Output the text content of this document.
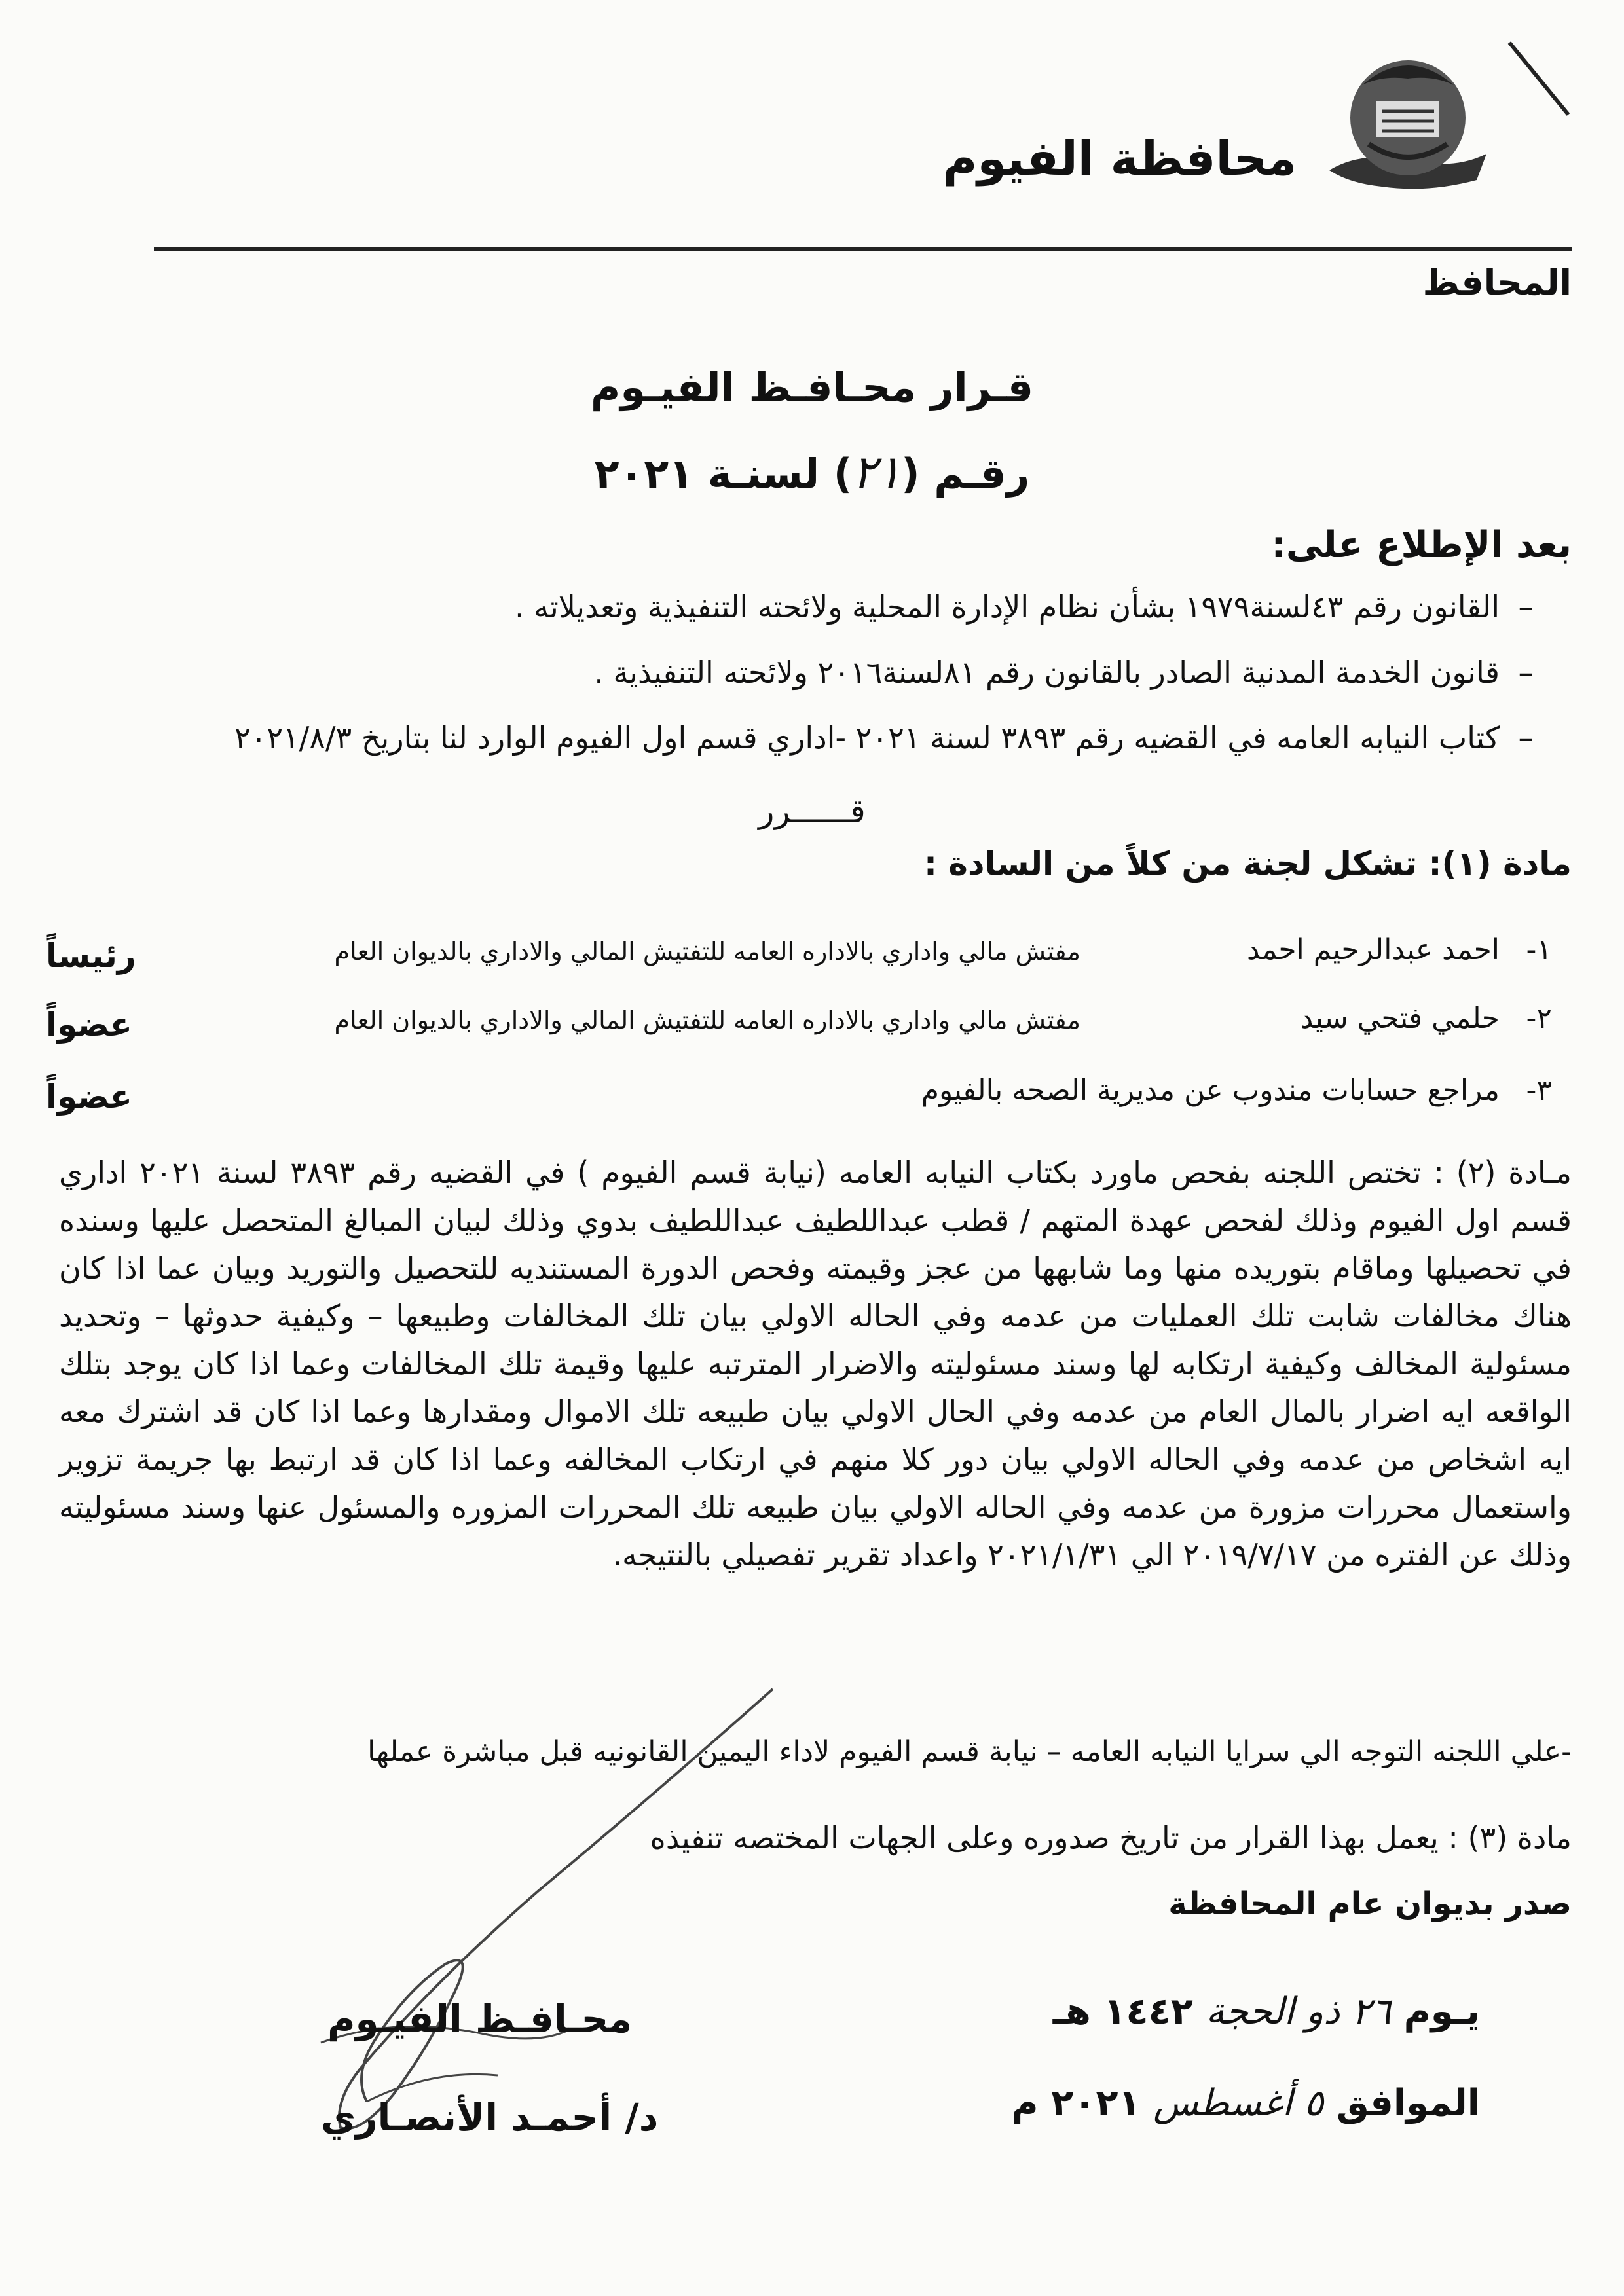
محافظة الفيوم
المحافظ
قـرار محـافـظ الفيـوم
رقـم (٢١) لسنـة ٢٠٢١
بعد الإطلاع على:
–القانون رقم ٤٣لسنة١٩٧٩ بشأن نظام الإدارة المحلية ولائحته التنفيذية وتعديلاته .
–قانون الخدمة المدنية الصادر بالقانون رقم ٨١لسنة٢٠١٦ ولائحته التنفيذية .
–كتاب النيابه العامه في القضيه رقم ٣٨٩٣ لسنة ٢٠٢١ -اداري قسم اول الفيوم الوارد لنا بتاريخ ٢٠٢١/٨/٣
قــــــرر
مادة (١): تشكل لجنة من كلاً من السادة :
١-
احمد عبدالرحيم احمد
مفتش مالي واداري بالاداره العامه للتفتيش المالي والاداري بالديوان العام
رئيساً
٢-
حلمي فتحي سيد
مفتش مالي واداري بالاداره العامه للتفتيش المالي والاداري بالديوان العام
عضواً
٣-
مراجع حسابات مندوب عن مديرية الصحه بالفيوم
عضواً
مـادة (٢) : تختص اللجنه بفحص ماورد بكتاب النيابه العامه (نيابة قسم الفيوم ) في القضيه رقم ٣٨٩٣ لسنة ٢٠٢١ اداري قسم اول الفيوم وذلك لفحص عهدة المتهم / قطب عبداللطيف عبداللطيف بدوي وذلك لبيان المبالغ المتحصل عليها وسنده في تحصيلها وماقام بتوريده منها وما شابهها من عجز وقيمته وفحص الدورة المستنديه للتحصيل والتوريد وبيان عما اذا كان هناك مخالفات شابت تلك العمليات من عدمه وفي الحاله الاولي بيان تلك المخالفات وطبيعها – وكيفية حدوثها – وتحديد مسئولية المخالف وكيفية ارتكابه لها وسند مسئوليته والاضرار المترتبه عليها وقيمة تلك المخالفات وعما اذا كان يوجد بتلك الواقعه ايه اضرار بالمال العام من عدمه وفي الحال الاولي بيان طبيعه تلك الاموال ومقدارها وعما اذا كان قد اشترك معه ايه اشخاص من عدمه وفي الحاله الاولي بيان دور كلا منهم في ارتكاب المخالفه وعما اذا كان قد ارتبط بها جريمة تزوير واستعمال محررات مزورة من عدمه وفي الحاله الاولي بيان طبيعه تلك المحررات المزوره والمسئول عنها وسند مسئوليته وذلك عن الفتره من ٢٠١٩/٧/١٧ الي ٢٠٢١/١/٣١ واعداد تقرير تفصيلي بالنتيجه.
-علي اللجنه التوجه الي سرايا النيابه العامه – نيابة قسم الفيوم لاداء اليمين القانونيه قبل مباشرة عملها
مادة (٣) : يعمل بهذا القرار من تاريخ صدوره وعلى الجهات المختصه تنفيذه
صدر بديوان عام المحافظة
يـوم ٢٦ ذو الحجة ١٤٤٢ هـ
الموافق ٥ أغسطس ٢٠٢١ م
محـافـظ الفيـوم
د/ أحمـد الأنصـاري
